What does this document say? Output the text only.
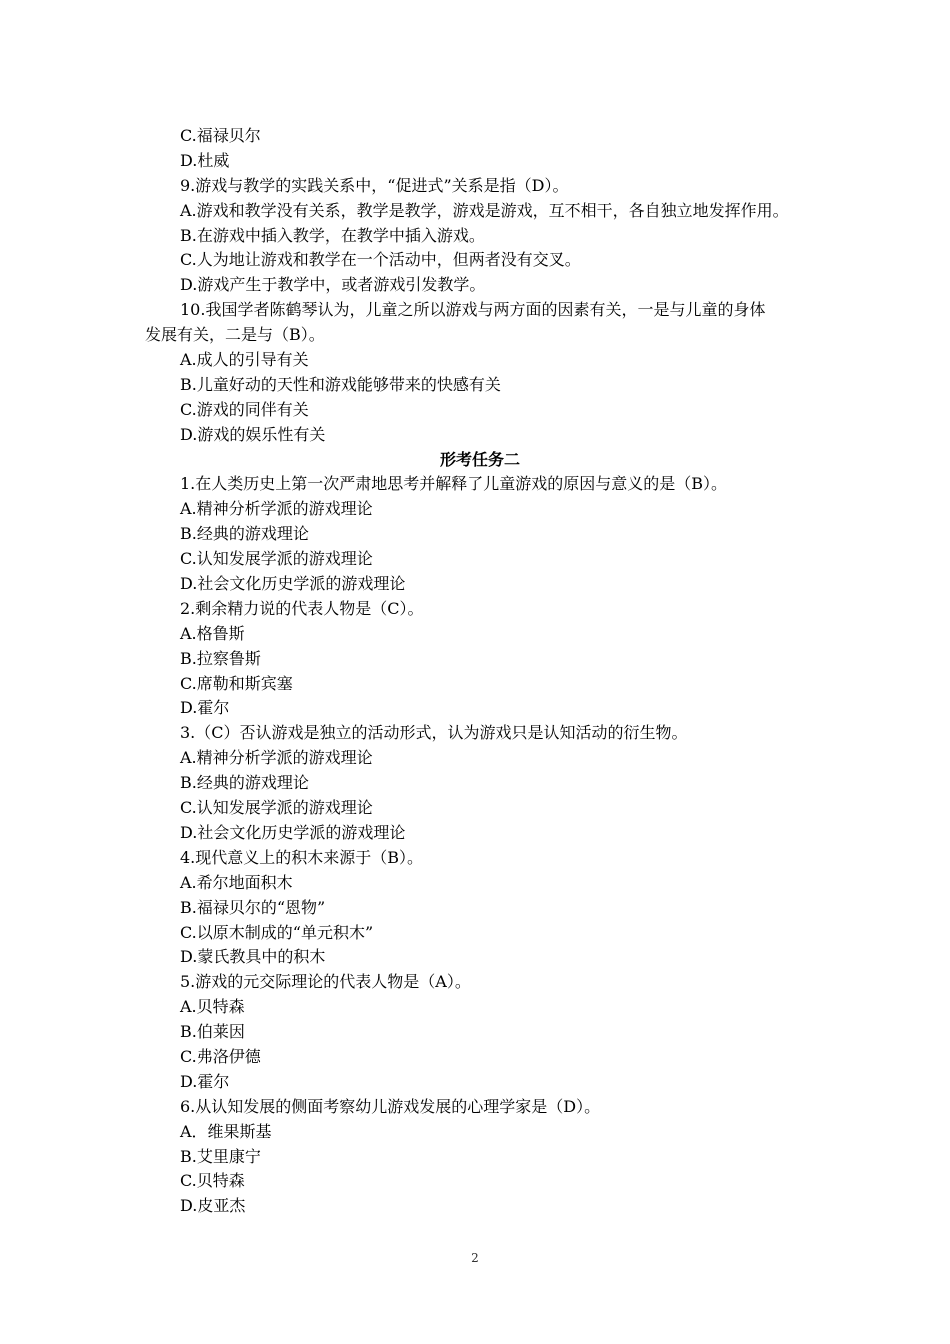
C.福禄贝尔
D.杜威
9.游戏与教学的实践关系中，“促进式”关系是指（D）。
A.游戏和教学没有关系，教学是教学，游戏是游戏，互不相干，各自独立地发挥作用。
B.在游戏中插入教学，在教学中插入游戏。
C.人为地让游戏和教学在一个活动中，但两者没有交叉。
D.游戏产生于教学中，或者游戏引发教学。
10.我国学者陈鹤琴认为，儿童之所以游戏与两方面的因素有关，一是与儿童的身体
发展有关，二是与（B）。
A.成人的引导有关
B.儿童好动的天性和游戏能够带来的快感有关
C.游戏的同伴有关
D.游戏的娱乐性有关
形考任务二
1.在人类历史上第一次严肃地思考并解释了儿童游戏的原因与意义的是（B）。
A.精神分析学派的游戏理论
B.经典的游戏理论
C.认知发展学派的游戏理论
D.社会文化历史学派的游戏理论
2.剩余精力说的代表人物是（C）。
A.格鲁斯
B.拉察鲁斯
C.席勒和斯宾塞
D.霍尔
3.（C）否认游戏是独立的活动形式，认为游戏只是认知活动的衍生物。
A.精神分析学派的游戏理论
B.经典的游戏理论
C.认知发展学派的游戏理论
D.社会文化历史学派的游戏理论
4.现代意义上的积木来源于（B）。
A.希尔地面积木
B.福禄贝尔的“恩物”
C.以原木制成的“单元积木”
D.蒙氏教具中的积木
5.游戏的元交际理论的代表人物是（A）。
A.贝特森
B.伯莱因
C.弗洛伊德
D.霍尔
6.从认知发展的侧面考察幼儿游戏发展的心理学家是（D）。
A．维果斯基
B.艾里康宁
C.贝特森
D.皮亚杰
2
